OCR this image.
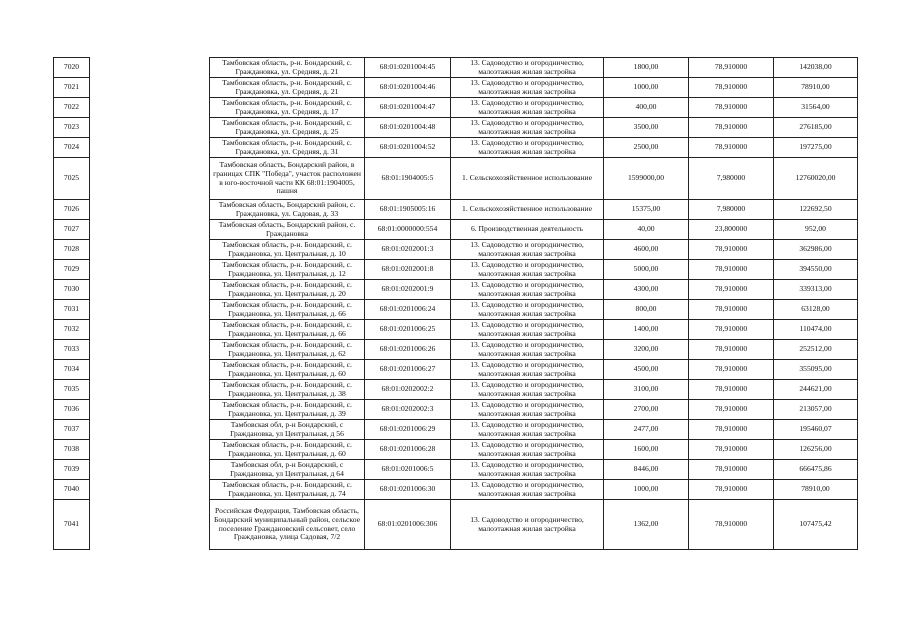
7020		Тамбовская область, р-н. Бондарский, с. Граждановка, ул. Средняя, д. 21	68:01:0201004:45	13. Садоводство и огородничество, малоэтажная жилая застройка	1800,00	78,910000	142038,00
7021		Тамбовская область, р-н. Бондарский, с. Граждановка, ул. Средняя, д. 21	68:01:0201004:46	13. Садоводство и огородничество, малоэтажная жилая застройка	1000,00	78,910000	78910,00
7022		Тамбовская область, р-н. Бондарский, с. Граждановка, ул. Средняя, д. 17	68:01:0201004:47	13. Садоводство и огородничество, малоэтажная жилая застройка	400,00	78,910000	31564,00
7023		Тамбовская область, р-н. Бондарский, с. Граждановка, ул. Средняя, д. 25	68:01:0201004:48	13. Садоводство и огородничество, малоэтажная жилая застройка	3500,00	78,910000	276185,00
7024		Тамбовская область, р-н. Бондарский, с. Граждановка, ул. Средняя, д. 31	68:01:0201004:52	13. Садоводство и огородничество, малоэтажная жилая застройка	2500,00	78,910000	197275,00
7025		Тамбовская область, Бондарский район, в границах СПК "Победа", участок расположен в юго-восточной части КК 68:01:1904005, пашня	68:01:1904005:5	1. Сельскохозяйственное использование	1599000,00	7,980000	12760020,00
7026		Тамбовская область, Бондарский район, с. Граждановка, ул. Садовая, д. 33	68:01:1905005:16	1. Сельскохозяйственное использование	15375,00	7,980000	122692,50
7027		Тамбовская область, Бондарский район, с. Граждановка	68:01:0000000:554	6. Производственная деятельность	40,00	23,800000	952,00
7028		Тамбовская область, р-н. Бондарский, с. Граждановка, ул. Центральная, д. 10	68:01:0202001:3	13. Садоводство и огородничество, малоэтажная жилая застройка	4600,00	78,910000	362986,00
7029		Тамбовская область, р-н. Бондарский, с. Граждановка, ул. Центральная, д. 12	68:01:0202001:8	13. Садоводство и огородничество, малоэтажная жилая застройка	5000,00	78,910000	394550,00
7030		Тамбовская область, р-н. Бондарский, с. Граждановка, ул. Центральная, д. 20	68:01:0202001:9	13. Садоводство и огородничество, малоэтажная жилая застройка	4300,00	78,910000	339313,00
7031		Тамбовская область, р-н. Бондарский, с. Граждановка, ул. Центральная, д. 66	68:01:0201006:24	13. Садоводство и огородничество, малоэтажная жилая застройка	800,00	78,910000	63128,00
7032		Тамбовская область, р-н. Бондарский, с. Граждановка, ул. Центральная, д. 66	68:01:0201006:25	13. Садоводство и огородничество, малоэтажная жилая застройка	1400,00	78,910000	110474,00
7033		Тамбовская область, р-н. Бондарский, с. Граждановка, ул. Центральная, д. 62	68:01:0201006:26	13. Садоводство и огородничество, малоэтажная жилая застройка	3200,00	78,910000	252512,00
7034		Тамбовская область, р-н. Бондарский, с. Граждановка, ул. Центральная, д. 60	68:01:0201006:27	13. Садоводство и огородничество, малоэтажная жилая застройка	4500,00	78,910000	355095,00
7035		Тамбовская область, р-н. Бондарский, с. Граждановка, ул. Центральная, д. 38	68:01:0202002:2	13. Садоводство и огородничество, малоэтажная жилая застройка	3100,00	78,910000	244621,00
7036		Тамбовская область, р-н. Бондарский, с. Граждановка, ул. Центральная, д. 39	68:01:0202002:3	13. Садоводство и огородничество, малоэтажная жилая застройка	2700,00	78,910000	213057,00
7037		Тамбовская обл, р-н Бондарский, с Граждановка, ул Центральная, д 56	68:01:0201006:29	13. Садоводство и огородничество, малоэтажная жилая застройка	2477,00	78,910000	195460,07
7038		Тамбовская область, р-н. Бондарский, с. Граждановка, ул. Центральная, д. 60	68:01:0201006:28	13. Садоводство и огородничество, малоэтажная жилая застройка	1600,00	78,910000	126256,00
7039		Тамбовская обл, р-н Бондарский, с Граждановка, ул Центральная, д 64	68:01:0201006:5	13. Садоводство и огородничество, малоэтажная жилая застройка	8446,00	78,910000	666475,86
7040		Тамбовская область, р-н. Бондарский, с. Граждановка, ул. Центральная, д. 74	68:01:0201006:30	13. Садоводство и огородничество, малоэтажная жилая застройка	1000,00	78,910000	78910,00
7041		Российская Федерация, Тамбовская область, Бондарский муниципальный район, сельское поселение Граждановский сельсовет, село Граждановка, улица Садовая, 7/2	68:01:0201006:306	13. Садоводство и огородничество, малоэтажная жилая застройка	1362,00	78,910000	107475,42
